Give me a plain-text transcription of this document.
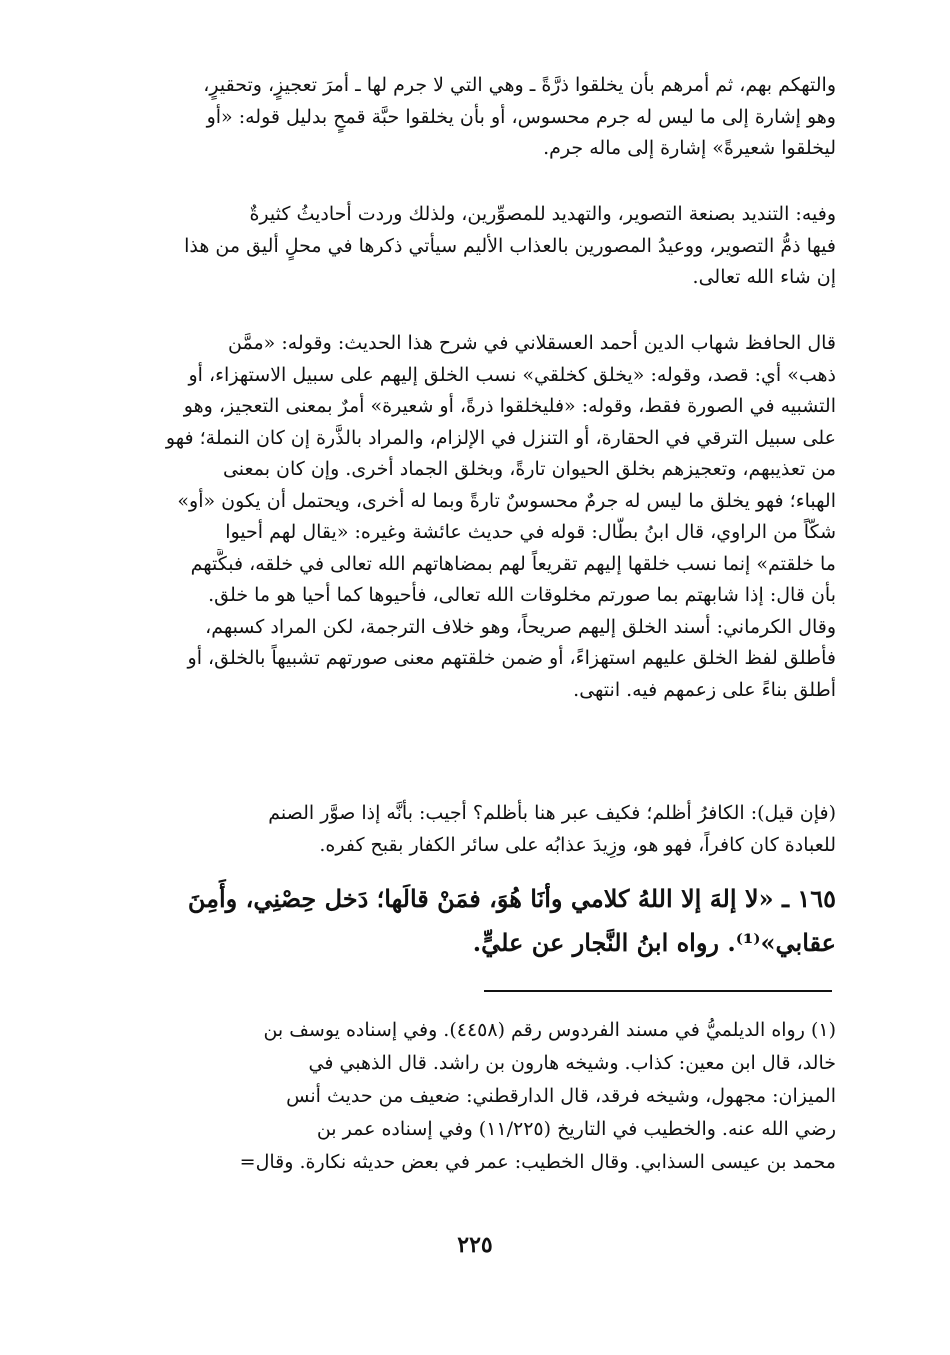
والتهكم بهم، ثم أمرهم بأن يخلقوا ذرَّةً ـ وهي التي لا جرم لها ـ أمرَ تعجيزٍ، وتحقيرٍ،
وهو إشارة إلى ما ليس له جرم محسوس، أو بأن يخلقوا حبَّة قمحٍ بدليل قوله: «أو
ليخلقوا شعيرةً» إشارة إلى ماله جرم.
وفيه: التنديد بصنعة التصوير، والتهديد للمصوِّرين، ولذلك وردت أحاديثُ كثيرةٌ
فيها ذمُّ التصوير، ووعيدُ المصورين بالعذاب الأليم سيأتي ذكرها في محلٍ أليق من هذا
إن شاء الله تعالى.
قال الحافظ شهاب الدين أحمد العسقلاني في شرح هذا الحديث: وقوله: «ممَّن
ذهب» أي: قصد، وقوله: «يخلق كخلقي» نسب الخلق إليهم على سبيل الاستهزاء، أو
التشبيه في الصورة فقط، وقوله: «فليخلقوا ذرةً، أو شعيرة» أمرٌ بمعنى التعجيز، وهو
على سبيل الترقي في الحقارة، أو التنزل في الإلزام، والمراد بالذَّرة إن كان النملة؛ فهو
من تعذيبهم، وتعجيزهم بخلق الحيوان تارةً، وبخلق الجماد أخرى. وإن كان بمعنى
الهباء؛ فهو يخلق ما ليس له جرمٌ محسوسٌ تارةً وبما له أخرى، ويحتمل أن يكون «أو»
شكّاً من الراوي، قال ابنُ بطَّال: قوله في حديث عائشة وغيره: «يقال لهم أحيوا
ما خلقتم» إنما نسب خلقها إليهم تقريعاً لهم بمضاهاتهم الله تعالى في خلقه، فبكَّتهم
بأن قال: إذا شابهتم بما صورتم مخلوقات الله تعالى، فأحيوها كما أحيا هو ما خلق.
وقال الكرماني: أسند الخلق إليهم صريحاً، وهو خلاف الترجمة، لكن المراد كسبهم،
فأطلق لفظ الخلق عليهم استهزاءً، أو ضمن خلقتهم معنى صورتهم تشبيهاً بالخلق، أو
أطلق بناءً على زعمهم فيه. انتهى.
(فإن قيل): الكافرُ أظلم؛ فكيف عبر هنا بأظلم؟ أجيب: بأنَّه إذا صوَّر الصنم
للعبادة كان كافراً، فهو هو، وزِيدَ عذابُه على سائر الكفار بقبح كفره.
١٦٥ ـ «لا إلهَ إلا اللهُ كلامي وأنَا هُوَ، فمَنْ قالَها؛ دَخل حِصْنِي، وأَمِنَ
عقابي»⁽¹⁾. رواه ابنُ النَّجار عن عليٍّ.
(١) رواه الديلميُّ في مسند الفردوس رقم (٤٤٥٨). وفي إسناده يوسف بن
خالد، قال ابن معين: كذاب. وشيخه هارون بن راشد. قال الذهبي في
الميزان: مجهول، وشيخه فرقد، قال الدارقطني: ضعيف من حديث أنس
رضي الله عنه. والخطيب في التاريخ (١١/٢٢٥) وفي إسناده عمر بن
محمد بن عيسى السذابي. وقال الخطيب: عمر في بعض حديثه نكارة. وقال=
٢٢٥
